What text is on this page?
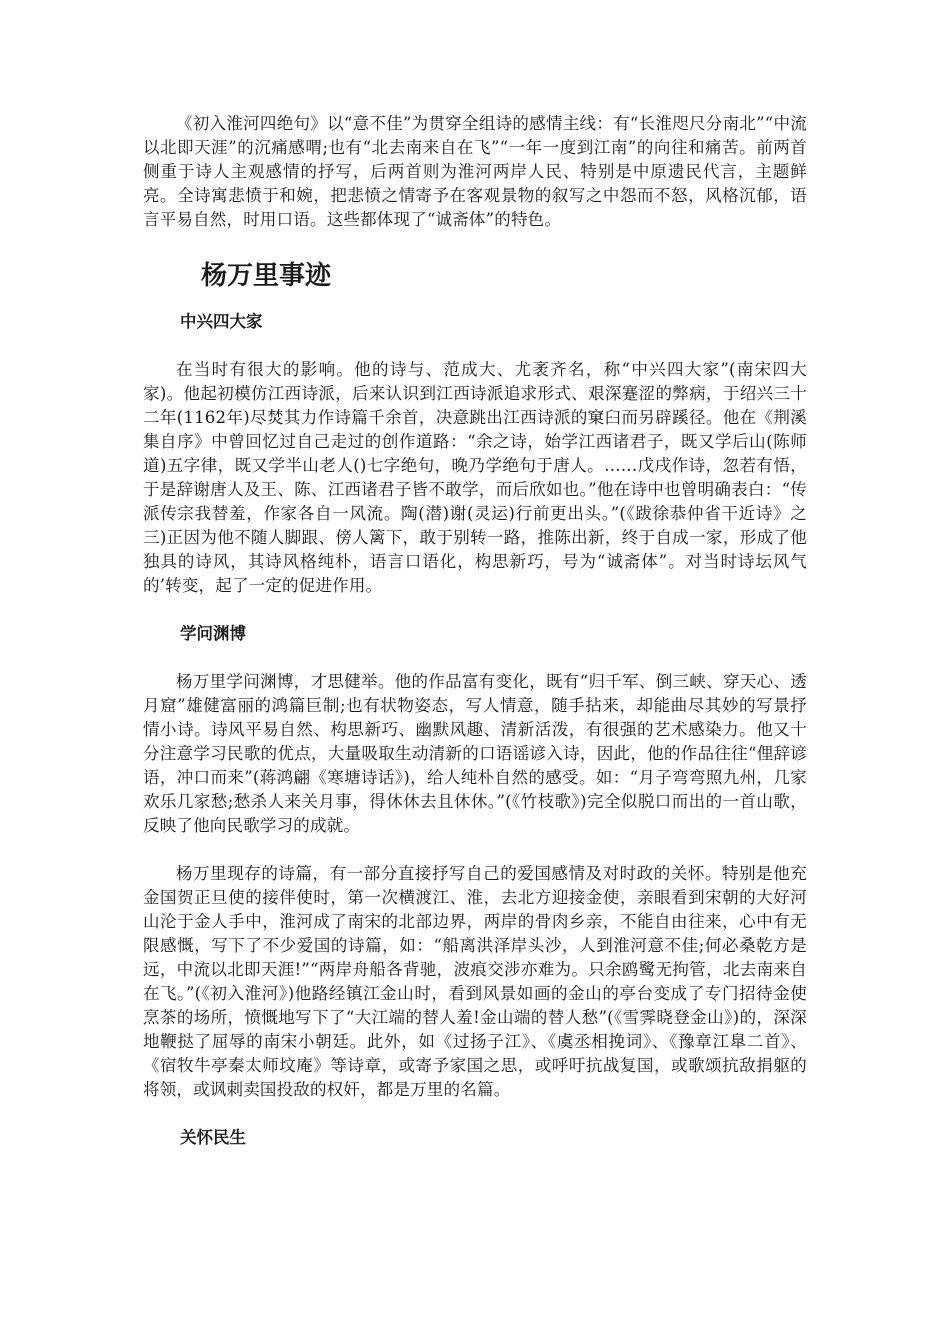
《初入淮河四绝句》以“意不佳”为贯穿全组诗的感情主线：有“长淮咫尺分南北”“中流以北即天涯”的沉痛感喟;也有“北去南来自在飞”“一年一度到江南”的向往和痛苦。前两首侧重于诗人主观感情的抒写，后两首则为淮河两岸人民、特别是中原遗民代言，主题鲜亮。全诗寓悲愤于和婉，把悲愤之情寄予在客观景物的叙写之中怨而不怒，风格沉郁，语言平易自然，时用口语。这些都体现了“诚斋体”的特色。

杨万里事迹
中兴四大家

在当时有很大的影响。他的诗与、范成大、尤袤齐名，称“中兴四大家”(南宋四大家)。他起初模仿江西诗派，后来认识到江西诗派追求形式、艰深蹇涩的弊病，于绍兴三十二年(1162年)尽焚其力作诗篇千余首，决意跳出江西诗派的窠臼而另辟蹊径。他在《荆溪集自序》中曾回忆过自己走过的创作道路：“余之诗，始学江西诸君子，既又学后山(陈师道)五字律，既又学半山老人()七字绝句，晚乃学绝句于唐人。……戊戌作诗，忽若有悟，于是辞谢唐人及王、陈、江西诸君子皆不敢学，而后欣如也。”他在诗中也曾明确表白：“传派传宗我替羞，作家各自一风流。陶(潜)谢(灵运)行前更出头。”(《跋徐恭仲省干近诗》之三)正因为他不随人脚跟、傍人篱下，敢于别转一路，推陈出新，终于自成一家，形成了他独具的诗风，其诗风格纯朴，语言口语化，构思新巧，号为“诚斋体”。对当时诗坛风气的’转变，起了一定的促进作用。

学问渊博

杨万里学问渊博，才思健举。他的作品富有变化，既有“归千军、倒三峡、穿天心、透月窟”雄健富丽的鸿篇巨制;也有状物姿态，写人情意，随手拈来，却能曲尽其妙的写景抒情小诗。诗风平易自然、构思新巧、幽默风趣、清新活泼，有很强的艺术感染力。他又十分注意学习民歌的优点，大量吸取生动清新的口语谣谚入诗，因此，他的作品往往“俚辞谚语，冲口而来”(蒋鸿翩《寒塘诗话》)，给人纯朴自然的感受。如：“月子弯弯照九州，几家欢乐几家愁;愁杀人来关月事，得休休去且休休。”(《竹枝歌》)完全似脱口而出的一首山歌，反映了他向民歌学习的成就。

杨万里现存的诗篇，有一部分直接抒写自己的爱国感情及对时政的关怀。特别是他充金国贺正旦使的接伴使时，第一次横渡江、淮，去北方迎接金使，亲眼看到宋朝的大好河山沦于金人手中，淮河成了南宋的北部边界，两岸的骨肉乡亲，不能自由往来，心中有无限感慨，写下了不少爱国的诗篇，如：“船离洪泽岸头沙，人到淮河意不佳;何必桑乾方是远，中流以北即天涯!”“两岸舟船各背驰，波痕交涉亦难为。只余鸥鹭无拘管，北去南来自在飞。”(《初入淮河》)他路经镇江金山时，看到风景如画的金山的亭台变成了专门招待金使烹茶的场所，愤慨地写下了“大江端的替人羞!金山端的替人愁”(《雪霁晓登金山》)的，深深地鞭挞了屈辱的南宋小朝廷。此外，如《过扬子江》、《虞丞相挽词》、《豫章江臯二首》、《宿牧牛亭秦太师坟庵》等诗章，或寄予家国之思，或呼吁抗战复国，或歌颂抗敌捐躯的将领，或讽刺卖国投敌的权奸，都是万里的名篇。

关怀民生
